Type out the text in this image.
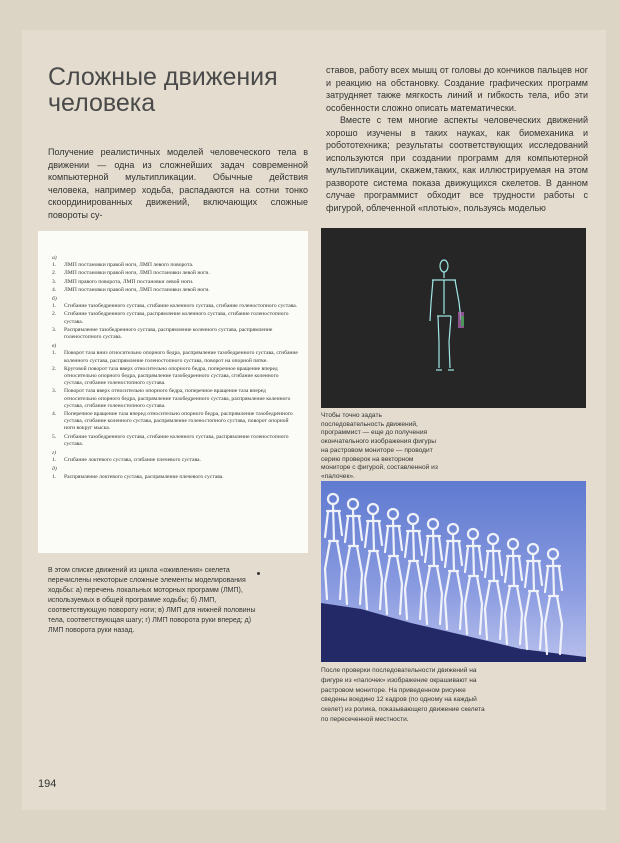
Сложные движения
человека
Получение реалистичных моделей человеческого тела в движении — одна из сложнейших задач современной компьютерной мультипликации. Обычные действия человека, например ходьба, распадаются на сотни тонко скоординированных движений, включающих сложные повороты су-

ставов, работу всех мышц от головы до кончиков пальцев ног и реакцию на обстановку. Создание графических программ затрудняет также мягкость линий и гибкость тела, ибо эти особенности сложно описать математически.

Вместе с тем многие аспекты человеческих движений хорошо изучены в таких науках, как биомеханика и робототехника; результаты соответствующих исследований используются при создании программ для компьютерной мультипликации, скажем,таких, как иллюстрируемая на этом развороте система показа движущихся скелетов. В данном случае программист обходит все трудности работы с фигурой, облеченной «плотью», пользуясь моделью

а)
1.	ЛМП постановки правой ноги, ЛМП левого поворота.
2.	ЛМП постановки правой ноги, ЛМП постановки левой ноги.
3.	ЛМП правого поворота, ЛМП постановки левой ноги.
4.	ЛМП постановки правой ноги, ЛМП постановки левой ноги.
б)
1.	Сгибание тазобедренного сустава, сгибание коленного сустава, сгибание голеностопного сустава.
2.	Сгибание тазобедренного сустава, распрямление коленного сустава, сгибание голеностопного сустава.
3.	Распрямление тазобедренного сустава, распрямление коленного сустава, распрямление голеностопного сустава.
в)
1.	Поворот таза вниз относительно опорного бедра, распрямление тазобедренного сустава, сгибание коленного сустава, распрямление голеностопного сустава, поворот на опорной пятке.
2.	Круговой поворот таза вверх относительно опорного бедра, поперечное вращение вперед относительно опорного бедра, распрямление тазобедренного сустава, сгибание коленного сустава, сгибание голеностопного сустава.
3.	Поворот таза вверх относительно опорного бедра, поперечное вращение таза вперед относительно опорного бедра, распрямление тазобедренного сустава, распрямление коленного сустава, сгибание голеностопного сустава.
4.	Поперечное вращение таза вперед относительно опорного бедра, распрямление тазобедренного сустава, сгибание коленного сустава, распрямление голеностопного сустава, поворот опорной ноги вокруг мыска.
5.	Сгибание тазобедренного сустава, сгибание коленного сустава, распрямление голеностопного сустава.
г)
1.	Сгибание локтевого сустава, сгибание плечевого сустава.
д)
1.	Распрямление локтевого сустава, распрямление плечевого сустава.
В этом списке движений из цикла «оживления» скелета перечислены некоторые сложные элементы моделирования ходьбы: а) перечень локальных моторных программ (ЛМП), используемых в общей программе ходьбы; б) ЛМП, соответствующую повороту ноги; в) ЛМП для нижней половины тела, соответствующая шагу; г) ЛМП поворота руки вперед; д) ЛМП поворота руки назад.
Чтобы точно задать последовательность движений, программист — еще до получения окончательного изображения фигуры на растровом мониторе — проводит серию проверок на векторном мониторе с фигурой, составленной из «палочек».
После проверки последовательности движений на фигуре из «палочек» изображение окрашивают на растровом мониторе. На приведенном рисунке сведены воедино 12 кадров (по одному на каждый скелет) из ролика, показывающего движение скелета по пересеченной местности.
194
